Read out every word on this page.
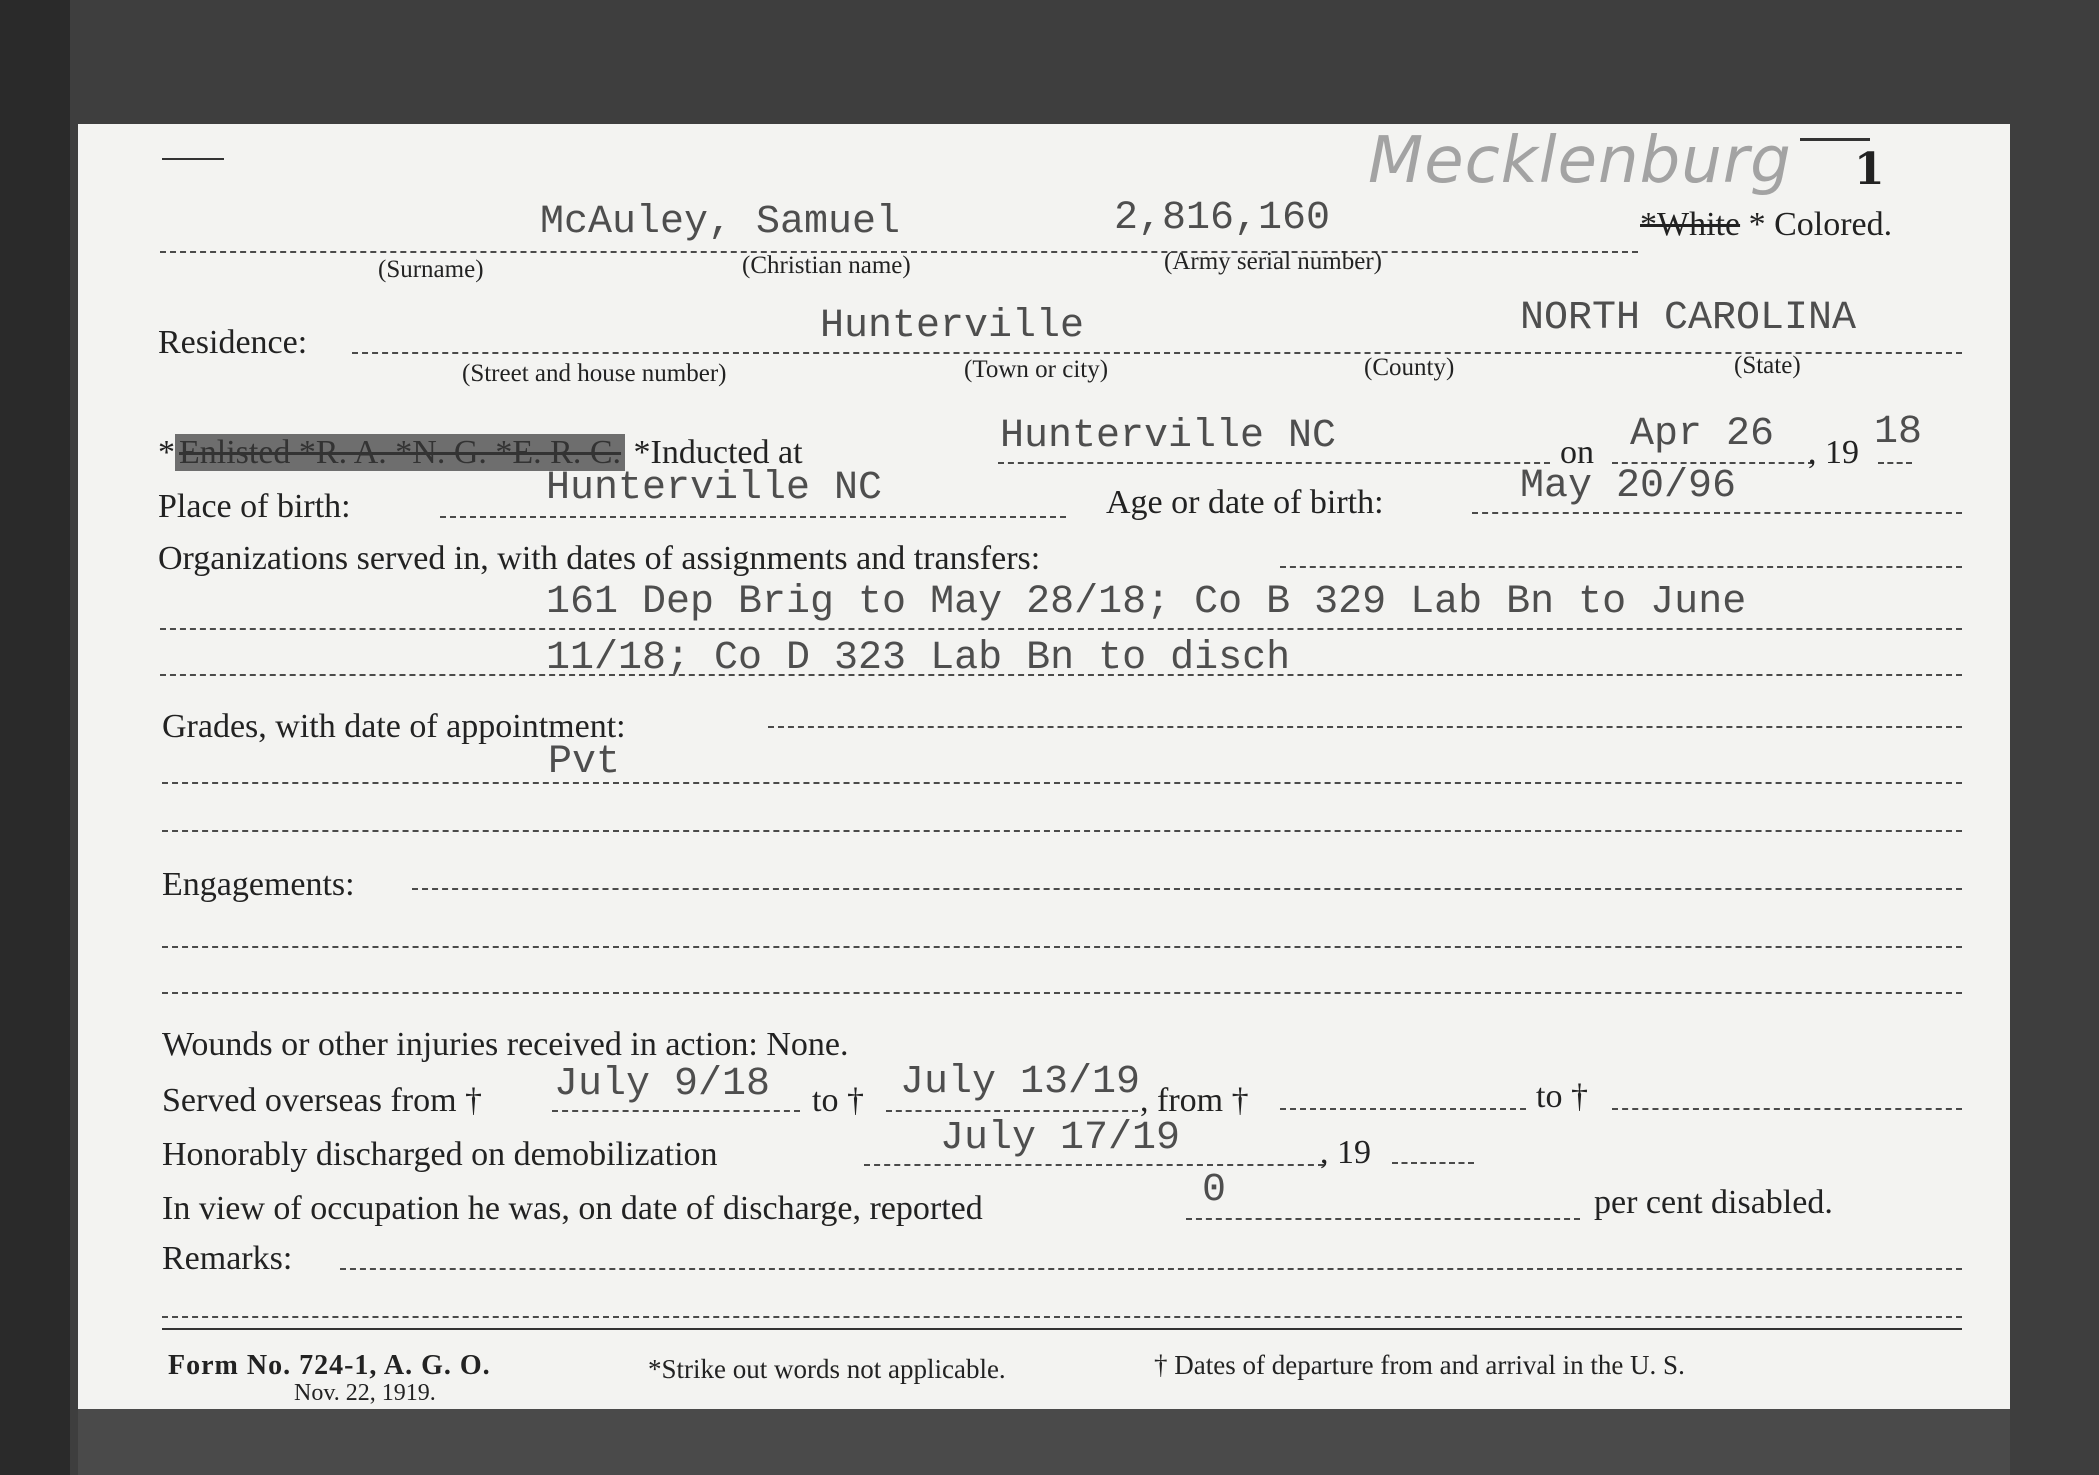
Mecklenburg 1
McAuley, Samuel	2,816,160	*White * Colored.
(Surname)	(Christian name)	(Army serial number)
Residence:	Hunterville	NORTH CAROLINA
(Street and house number)	(Town or city)	(County)	(State)
* Enlisted *R. A. *N. G. *E. R. C. *Inducted at	Hunterville NC	on Apr 26 , 19 18
Place of birth:	Hunterville NC	Age or date of birth:	May 20/96
Organizations served in, with dates of assignments and transfers:
161 Dep Brig to May 28/18; Co B 329 Lab Bn to June
11/18; Co D 323 Lab Bn to disch
Grades, with date of appointment:
Pvt
Engagements:
Wounds or other injuries received in action: None.
Served overseas from † July 9/18 to † July 13/19 , from †	to †
Honorably discharged on demobilization	July 17/19	, 19
In view of occupation he was, on date of discharge, reported	0	per cent disabled.
Remarks:
Form No. 724-1, A. G. O.
Nov. 22, 1919.
*Strike out words not applicable.	† Dates of departure from and arrival in the U. S.
